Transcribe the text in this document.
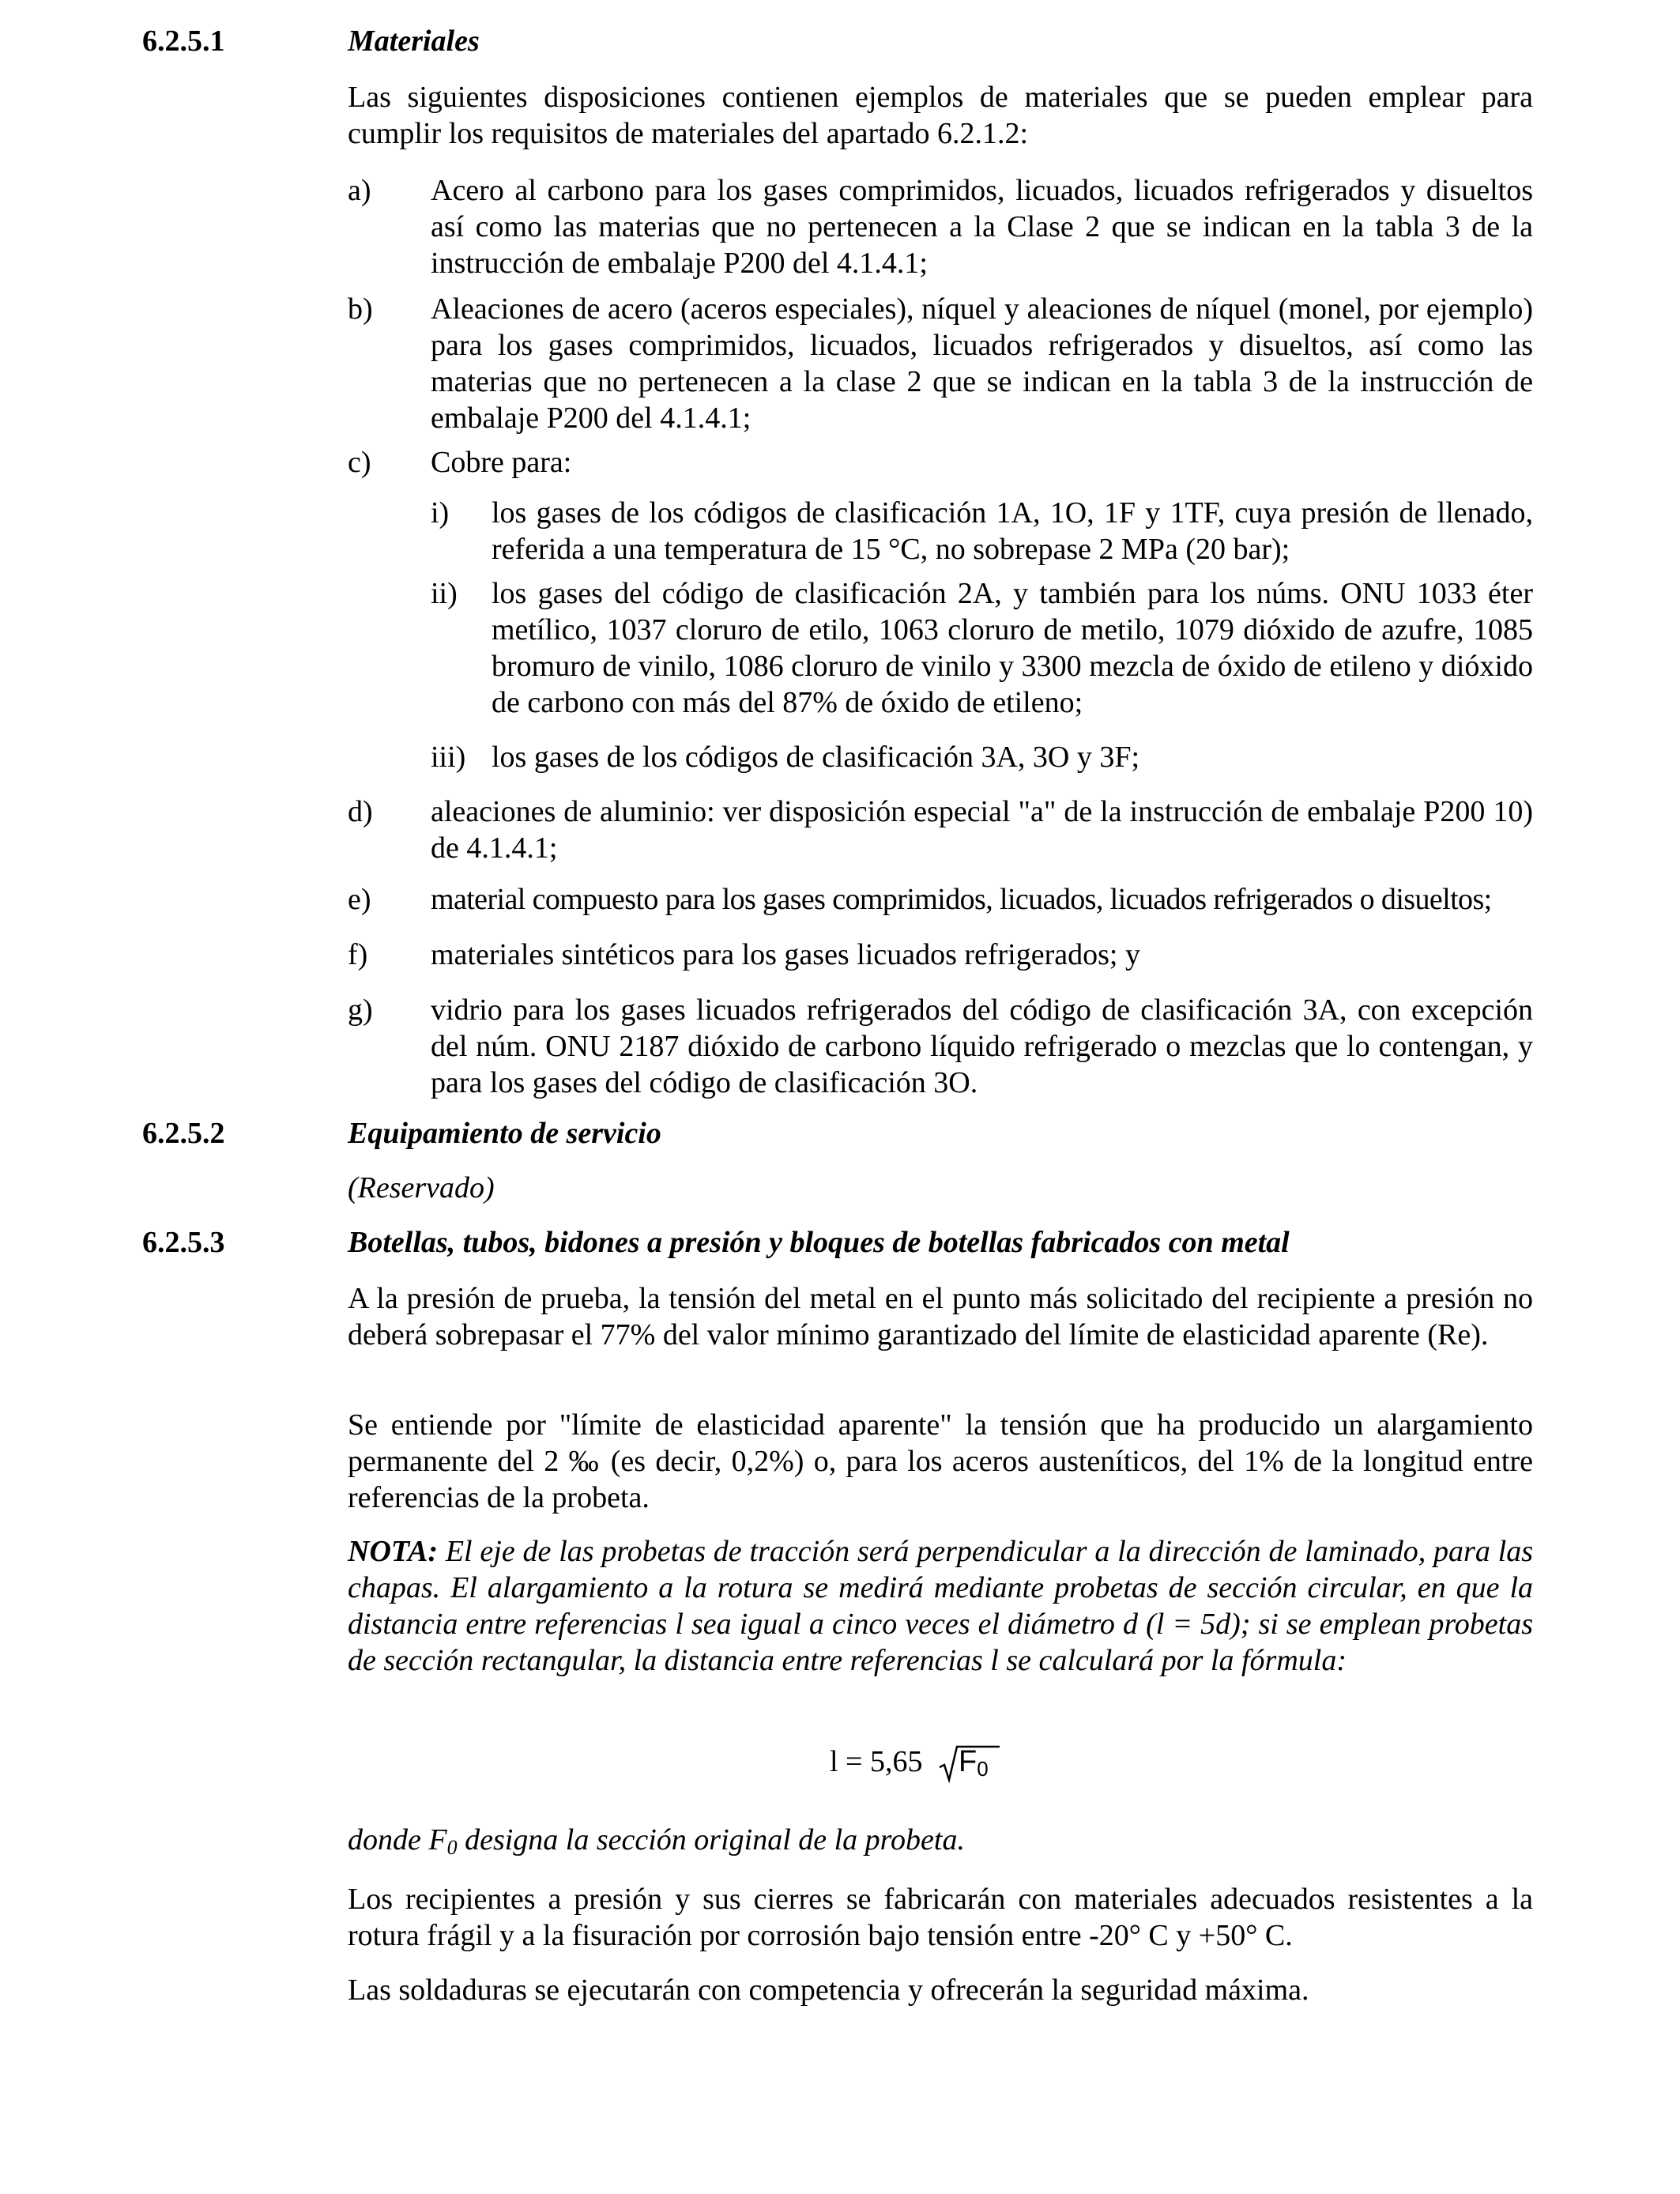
6.2.5.1	Materiales
Las siguientes disposiciones contienen ejemplos de materiales que se pueden emplear para cumplir los requisitos de materiales del apartado 6.2.1.2:
a) Acero al carbono para los gases comprimidos, licuados, licuados refrigerados y disueltos así como las materias que no pertenecen a la Clase 2 que se indican en la tabla 3 de la instrucción de embalaje P200 del 4.1.4.1;
b) Aleaciones de acero (aceros especiales), níquel y aleaciones de níquel (monel, por ejemplo) para los gases comprimidos, licuados, licuados refrigerados y disueltos, así como las materias que no pertenecen a la clase 2 que se indican en la tabla 3 de la instrucción de embalaje P200 del 4.1.4.1;
c) Cobre para:
i) los gases de los códigos de clasificación 1A, 1O, 1F y 1TF, cuya presión de llenado, referida a una temperatura de 15 °C, no sobrepase 2 MPa (20 bar);
ii) los gases del código de clasificación 2A, y también para los núms. ONU 1033 éter metílico, 1037 cloruro de etilo, 1063 cloruro de metilo, 1079 dióxido de azufre, 1085 bromuro de vinilo, 1086 cloruro de vinilo y 3300 mezcla de óxido de etileno y dióxido de carbono con más del 87% de óxido de etileno;
iii) los gases de los códigos de clasificación 3A, 3O y 3F;
d) aleaciones de aluminio: ver disposición especial "a" de la instrucción de embalaje P200 10) de 4.1.4.1;
e) material compuesto para los gases comprimidos, licuados, licuados refrigerados o disueltos;
f) materiales sintéticos para los gases licuados refrigerados; y
g) vidrio para los gases licuados refrigerados del código de clasificación 3A, con excepción del núm. ONU 2187 dióxido de carbono líquido refrigerado o mezclas que lo contengan, y para los gases del código de clasificación 3O.
6.2.5.2	Equipamiento de servicio
(Reservado)
6.2.5.3	Botellas, tubos, bidones a presión y bloques de botellas fabricados con metal
A la presión de prueba, la tensión del metal en el punto más solicitado del recipiente a presión no deberá sobrepasar el 77% del valor mínimo garantizado del límite de elasticidad aparente (Re).
Se entiende por "límite de elasticidad aparente" la tensión que ha producido un alargamiento permanente del 2 ‰ (es decir, 0,2%) o, para los aceros austeníticos, del 1% de la longitud entre referencias de la probeta.
NOTA: El eje de las probetas de tracción será perpendicular a la dirección de laminado, para las chapas. El alargamiento a la rotura se medirá mediante probetas de sección circular, en que la distancia entre referencias l sea igual a cinco veces el diámetro d (l = 5d); si se emplean probetas de sección rectangular, la distancia entre referencias l se calculará por la fórmula:
l = 5,65 F0
donde F0 designa la sección original de la probeta.
Los recipientes a presión y sus cierres se fabricarán con materiales adecuados resistentes a la rotura frágil y a la fisuración por corrosión bajo tensión entre -20° C y +50° C.
Las soldaduras se ejecutarán con competencia y ofrecerán la seguridad máxima.
